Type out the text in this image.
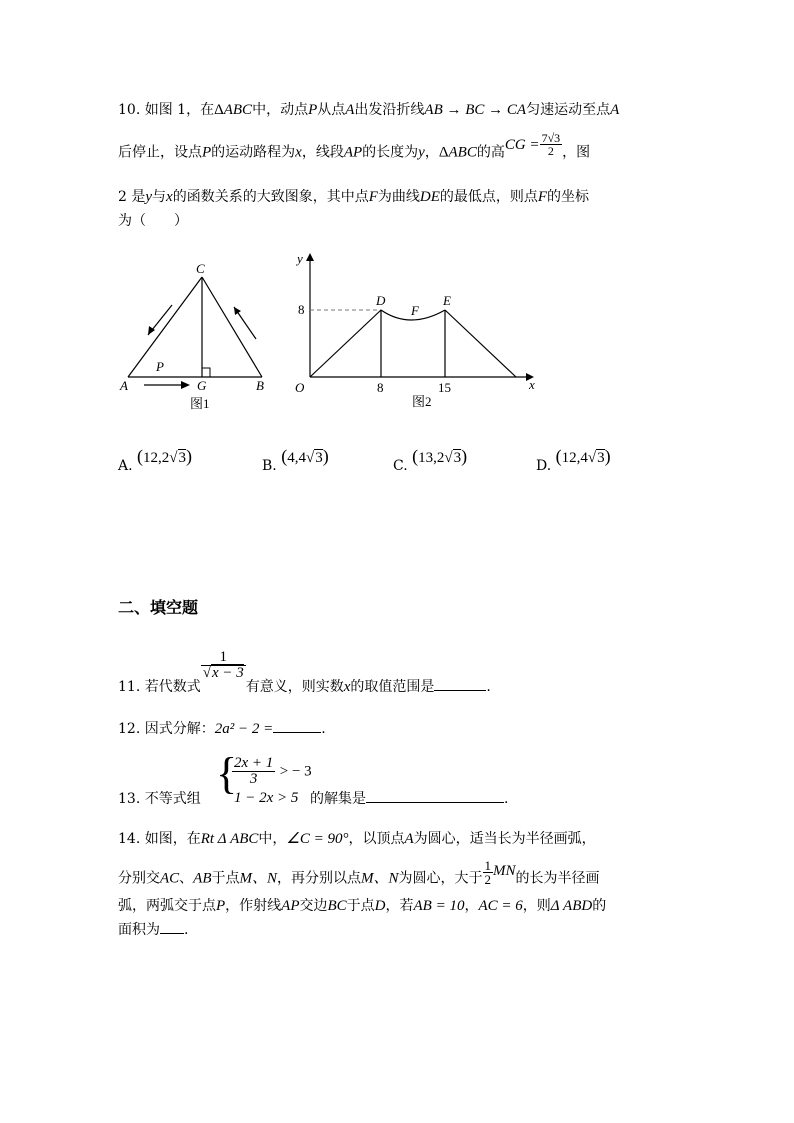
10. 如图 1，在ΔABC中，动点P从点A出发沿折线AB → BC → CA匀速运动至点A
后停止，设点P的运动路程为x，线段AP的长度为y，ΔABC的高CG = $\frac{7√3}{2}$ ，图
2 是y与x的函数关系的大致图象，其中点F为曲线DE的最低点，则点F的坐标
为（　　）
C
P
A	G	B
图1
y
x
O
D	E
F
8
8	15
图2
A. (12,2√3)	B. (4,4√3)	C. (13,2√3)	D. (12,4√3)
二、填空题
11. 若代数式
$\frac{1}{√x - 3}$
有意义，则实数x的取值范围是	.
12. 因式分解：2a² − 2 =	.
13. 不等式组
{
$\frac{2x + 1}{3}$ > − 3
1 − 2x > 5 的解集是	.
14. 如图，在Rt Δ ABC中，∠C = 90°，以顶点A为圆心，适当长为半径画弧，
分别交AC、AB于点M、N，再分别以点M、N为圆心，大于 $\frac{1}{2}$ MN的长为半径画
弧，两弧交于点P，作射线AP交边BC于点D，若AB = 10，AC = 6，则Δ ABD的
面积为 .
